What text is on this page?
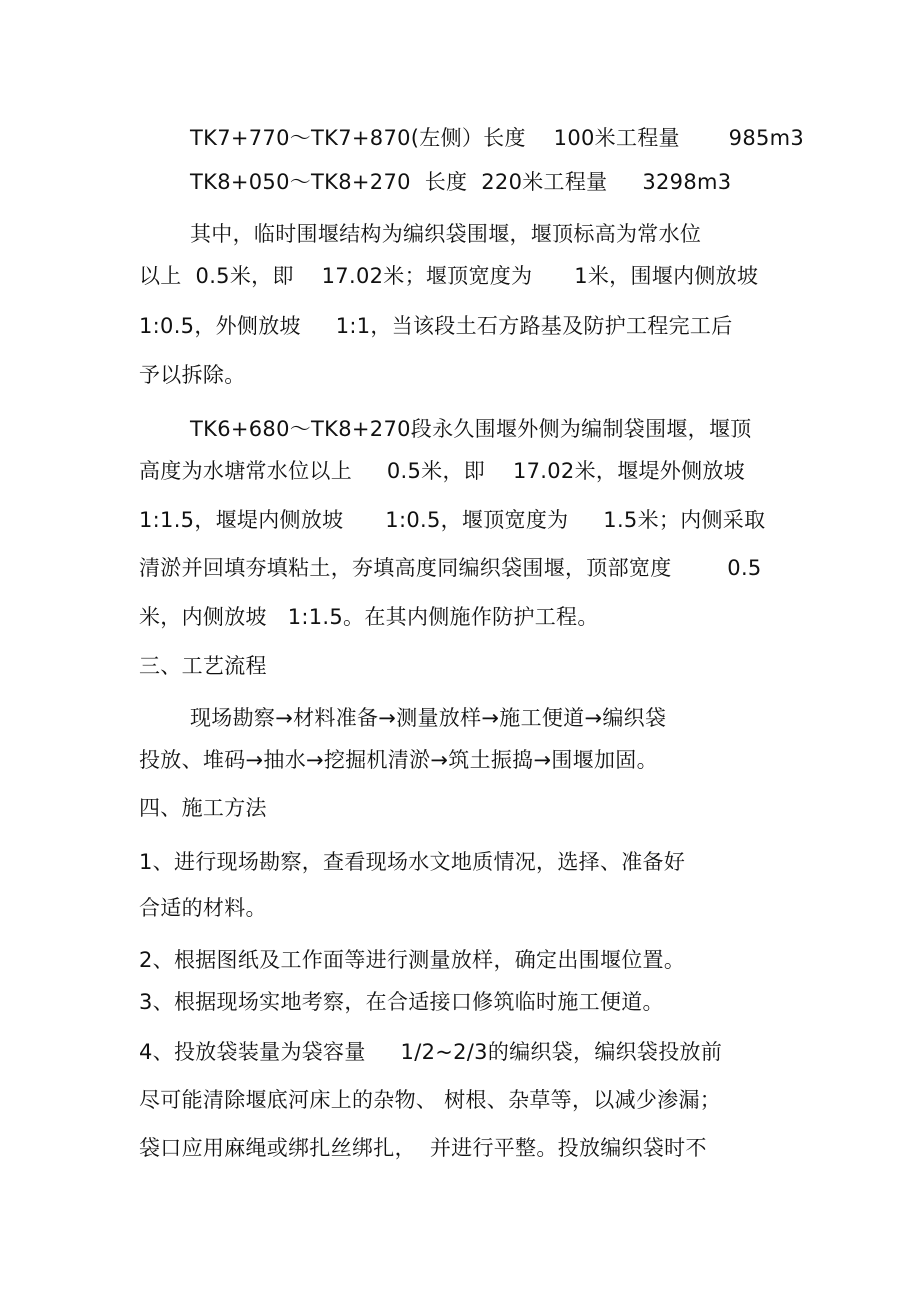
TK7+770～TK7+870(左侧）长度    100米工程量       985m3
TK8+050～TK8+270  长度  220米工程量     3298m3
其中，临时围堰结构为编织袋围堰，堰顶标高为常水位
以上  0.5米，即    17.02米；堰顶宽度为      1米，围堰内侧放坡
1:0.5，外侧放坡     1:1，当该段土石方路基及防护工程完工后
予以拆除。
TK6+680～TK8+270段永久围堰外侧为编制袋围堰，堰顶
高度为水塘常水位以上     0.5米，即    17.02米，堰堤外侧放坡
1:1.5，堰堤内侧放坡      1:0.5，堰顶宽度为     1.5米；内侧采取
清淤并回填夯填粘土，夯填高度同编织袋围堰，顶部宽度        0.5
米，内侧放坡   1:1.5。在其内侧施作防护工程。
三、工艺流程
现场勘察→材料准备→测量放样→施工便道→编织袋
投放、堆码→抽水→挖掘机清淤→筑土振捣→围堰加固。
四、施工方法
1、进行现场勘察，查看现场水文地质情况，选择、准备好
合适的材料。
2、根据图纸及工作面等进行测量放样，确定出围堰位置。
3、根据现场实地考察，在合适接口修筑临时施工便道。
4、投放袋装量为袋容量     1/2~2/3的编织袋，编织袋投放前
尽可能清除堰底河床上的杂物、 树根、杂草等，以减少渗漏；
袋口应用麻绳或绑扎丝绑扎，  并进行平整。投放编织袋时不
